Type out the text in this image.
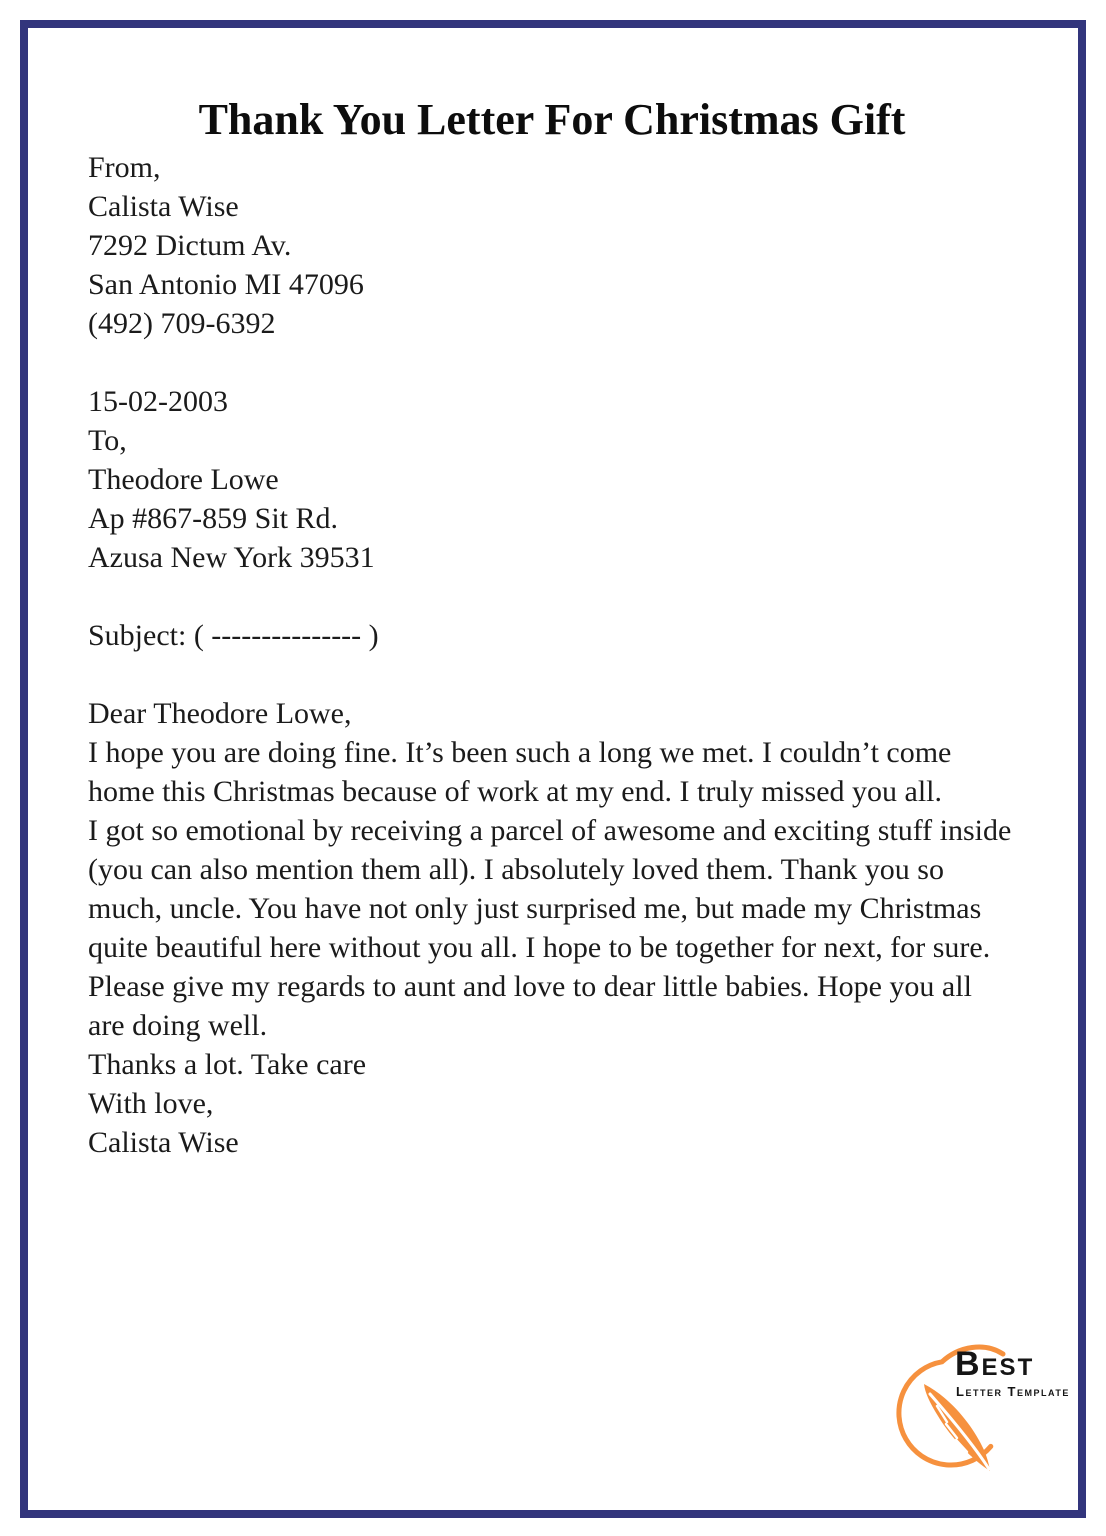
Thank You Letter For Christmas Gift
From,
Calista Wise
7292 Dictum Av.
San Antonio MI 47096
(492) 709-6392
15-02-2003
To,
Theodore Lowe
Ap #867-859 Sit Rd.
Azusa New York 39531
Subject: ( --------------- )
Dear Theodore Lowe,

I hope you are doing fine. It’s been such a long we met. I couldn’t come home this Christmas because of work at my end. I truly missed you all.

I got so emotional by receiving a parcel of awesome and exciting stuff inside (you can also mention them all). I absolutely loved them. Thank you so much, uncle. You have not only just surprised me, but made my Christmas quite beautiful here without you all. I hope to be together for next, for sure.

Please give my regards to aunt and love to dear little babies. Hope you all are doing well.

Thanks a lot. Take care

With love,
Calista Wise
Best
Letter Template
